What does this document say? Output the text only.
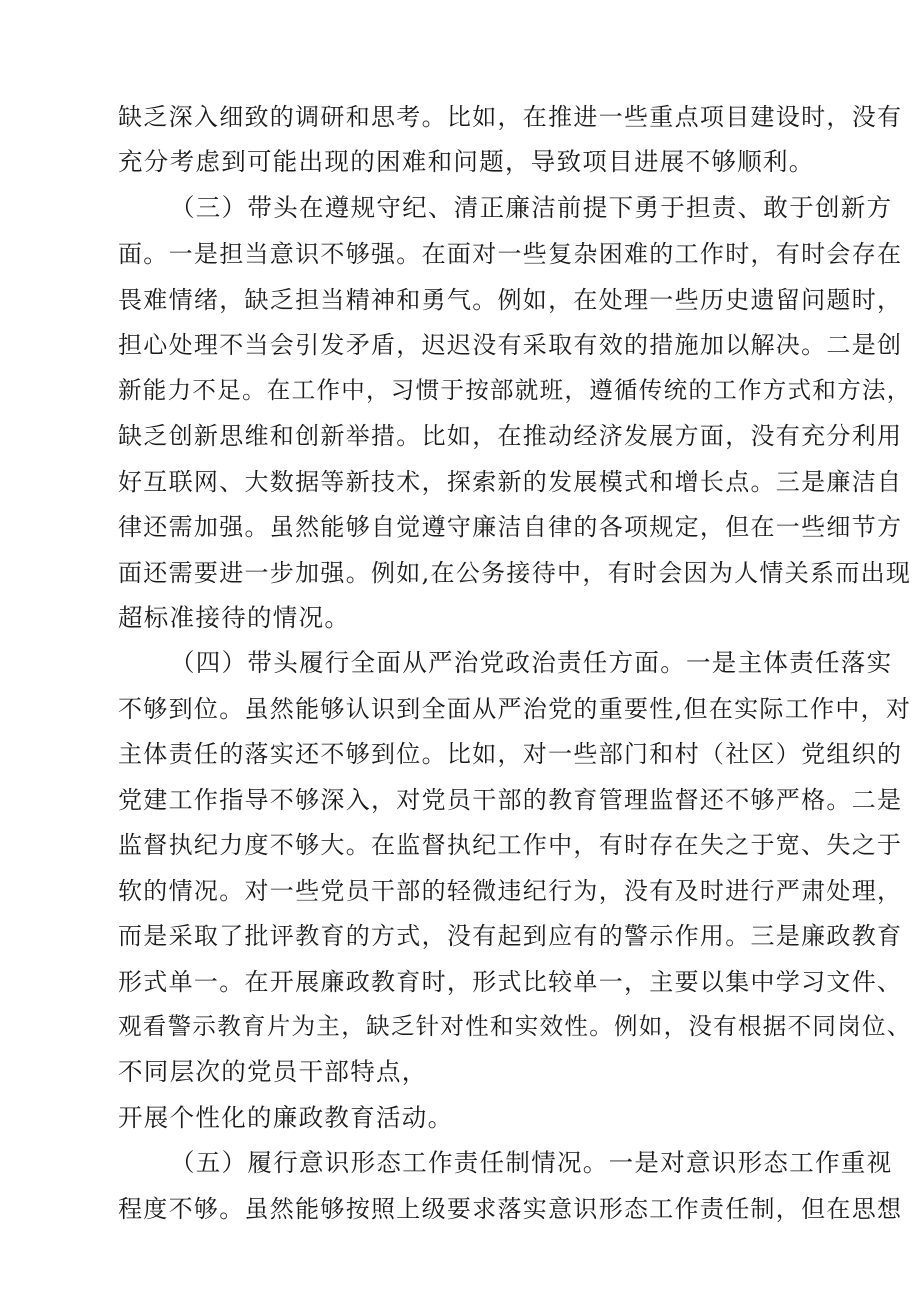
缺乏深入细致的调研和思考。比如，在推进一些重点项目建设时，没有
充分考虑到可能出现的困难和问题，导致项目进展不够顺利。
（三）带头在遵规守纪、清正廉洁前提下勇于担责、敢于创新方
面。一是担当意识不够强。在面对一些复杂困难的工作时，有时会存在
畏难情绪，缺乏担当精神和勇气。例如，在处理一些历史遗留问题时，
担心处理不当会引发矛盾，迟迟没有采取有效的措施加以解决。二是创
新能力不足。在工作中，习惯于按部就班，遵循传统的工作方式和方法，
缺乏创新思维和创新举措。比如，在推动经济发展方面，没有充分利用
好互联网、大数据等新技术，探索新的发展模式和增长点。三是廉洁自
律还需加强。虽然能够自觉遵守廉洁自律的各项规定，但在一些细节方
面还需要进一步加强。例如,在公务接待中，有时会因为人情关系而出现
超标准接待的情况。
（四）带头履行全面从严治党政治责任方面。一是主体责任落实
不够到位。虽然能够认识到全面从严治党的重要性,但在实际工作中，对
主体责任的落实还不够到位。比如，对一些部门和村（社区）党组织的
党建工作指导不够深入，对党员干部的教育管理监督还不够严格。二是
监督执纪力度不够大。在监督执纪工作中，有时存在失之于宽、失之于
软的情况。对一些党员干部的轻微违纪行为，没有及时进行严肃处理，
而是采取了批评教育的方式，没有起到应有的警示作用。三是廉政教育
形式单一。在开展廉政教育时，形式比较单一，主要以集中学习文件、
观看警示教育片为主，缺乏针对性和实效性。例如，没有根据不同岗位、
不同层次的党员干部特点，
开展个性化的廉政教育活动。
（五）履行意识形态工作责任制情况。一是对意识形态工作重视
程度不够。虽然能够按照上级要求落实意识形态工作责任制，但在思想
